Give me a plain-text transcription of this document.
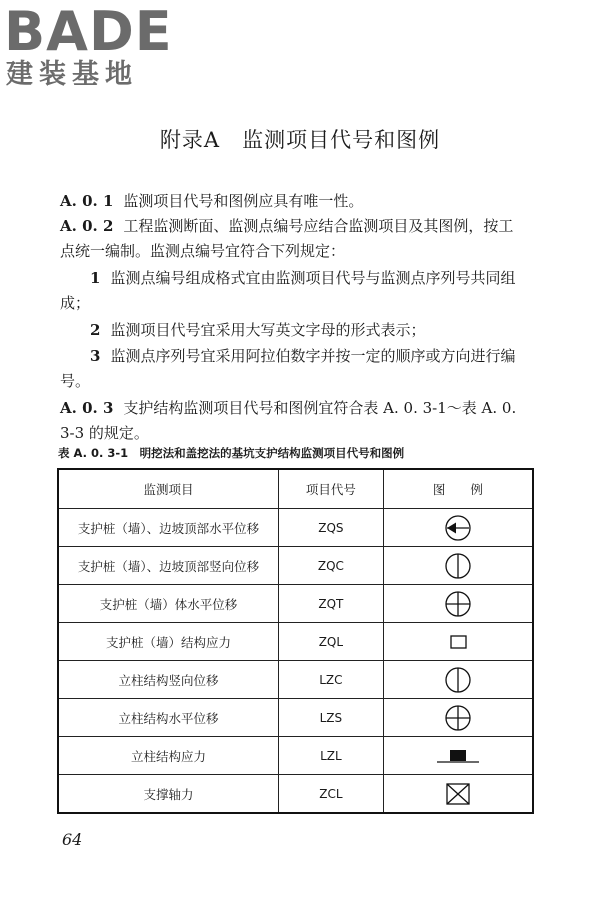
BADE
建装基地
附录A　监测项目代号和图例
A. 0. 1 监测项目代号和图例应具有唯一性。
A. 0. 2 工程监测断面、监测点编号应结合监测项目及其图例，按工点统一编制。监测点编号宜符合下列规定：
1 监测点编号组成格式宜由监测项目代号与监测点序列号共同组成；
2 监测项目代号宜采用大写英文字母的形式表示；
3 监测点序列号宜采用阿拉伯数字并按一定的顺序或方向进行编号。
A. 0. 3 支护结构监测项目代号和图例宜符合表 A. 0. 3-1～表 A. 0. 3-3 的规定。
表 A. 0. 3-1　 明挖法和盖挖法的基坑支护结构监测项目代号和图例
监测项目	项目代号	图　　例
支护桩（墙）、边坡顶部水平位移	ZQS	

支护桩（墙）、边坡顶部竖向位移	ZQC	

支护桩（墙）体水平位移	ZQT	

支护桩（墙）结构应力	ZQL	

立柱结构竖向位移	LZC	

立柱结构水平位移	LZS	

立柱结构应力	LZL	

支撑轴力	ZCL	
64
